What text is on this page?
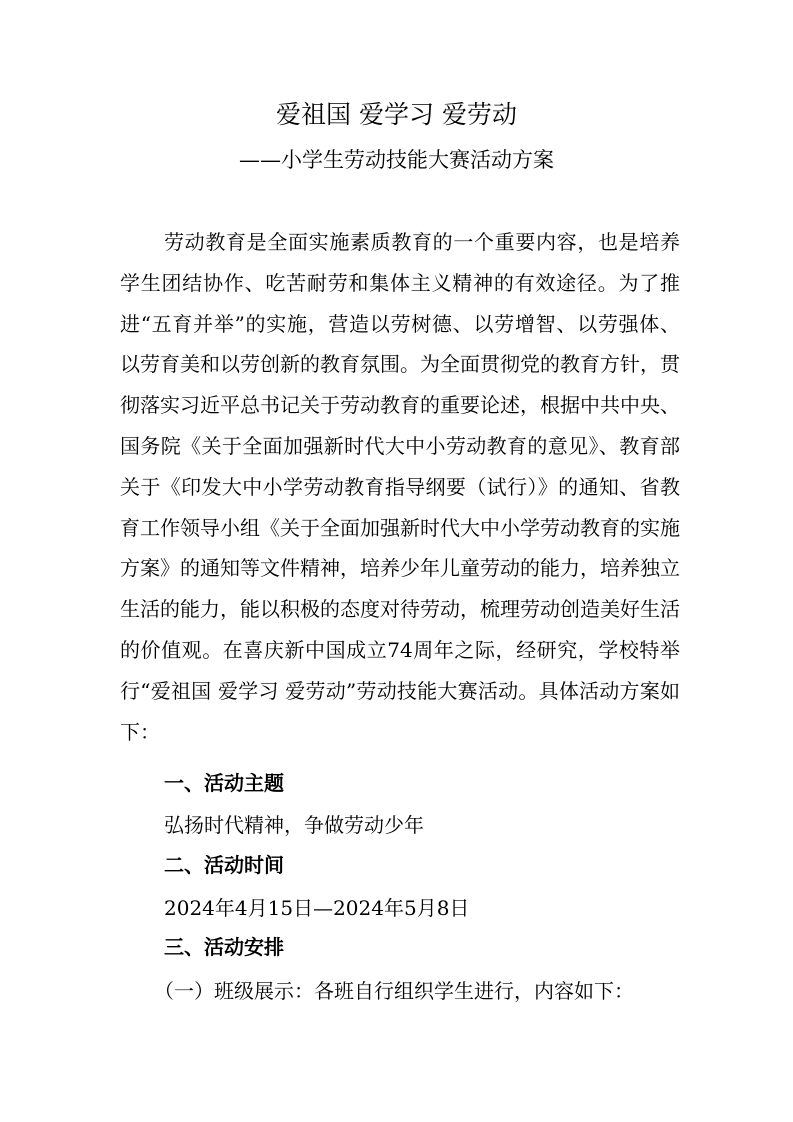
爱祖国 爱学习 爱劳动
——小学生劳动技能大赛活动方案

劳动教育是全面实施素质教育的一个重要内容，也是培养学生团结协作、吃苦耐劳和集体主义精神的有效途径。为了推进“五育并举”的实施，营造以劳树德、以劳增智、以劳强体、以劳育美和以劳创新的教育氛围。为全面贯彻党的教育方针，贯彻落实习近平总书记关于劳动教育的重要论述，根据中共中央、国务院《关于全面加强新时代大中小劳动教育的意见》、教育部关于《印发大中小学劳动教育指导纲要（试行）》的通知、省教育工作领导小组《关于全面加强新时代大中小学劳动教育的实施方案》的通知等文件精神，培养少年儿童劳动的能力，培养独立生活的能力，能以积极的态度对待劳动，梳理劳动创造美好生活的价值观。在喜庆新中国成立74周年之际，经研究，学校特举行“爱祖国 爱学习 爱劳动”劳动技能大赛活动。具体活动方案如下：

一、活动主题
弘扬时代精神，争做劳动少年
二、活动时间
2024年4月15日—2024年5月8日
三、活动安排
（一）班级展示：各班自行组织学生进行，内容如下：
